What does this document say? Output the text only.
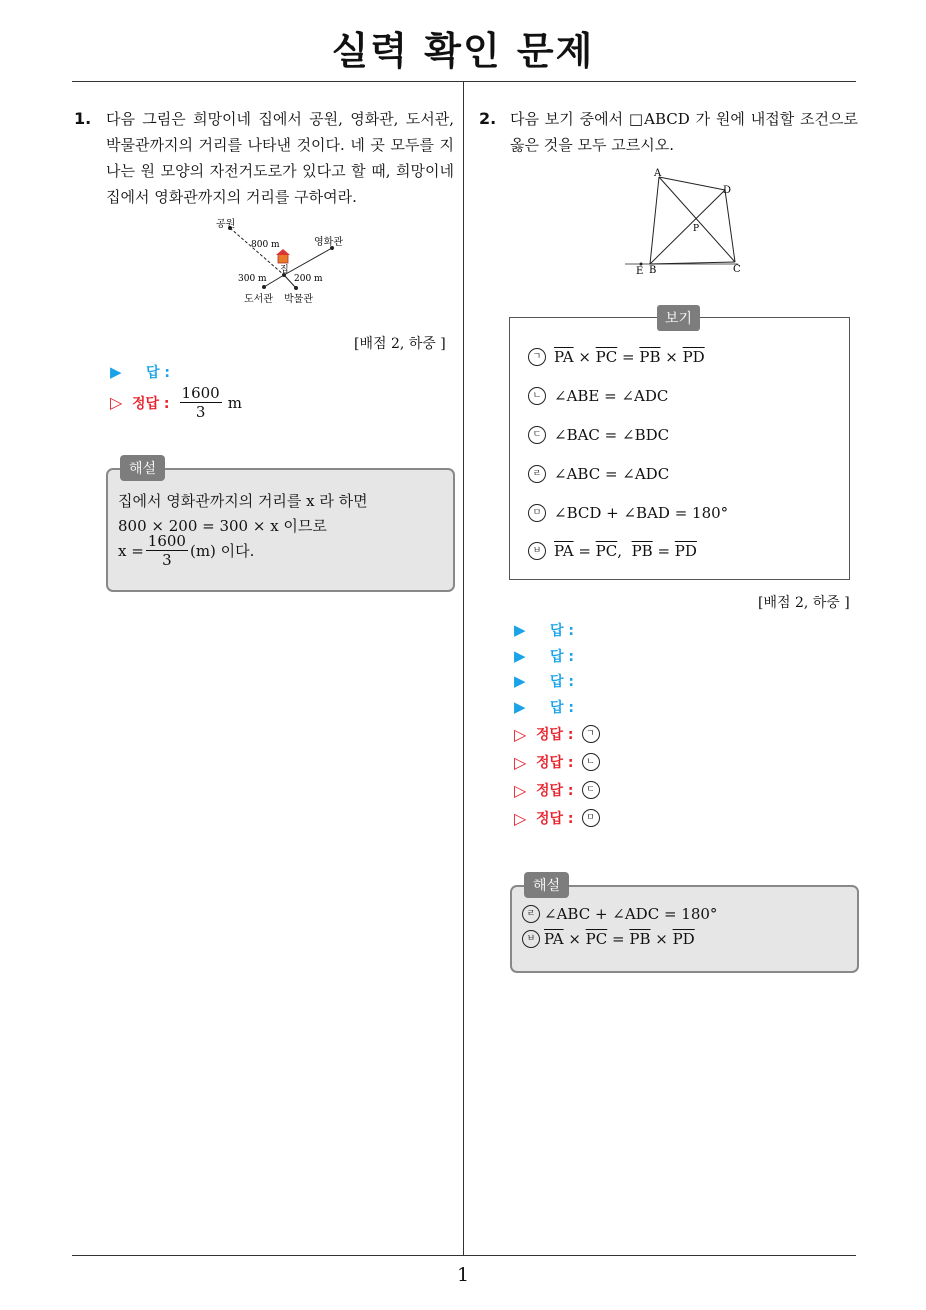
실력 확인 문제
1
1. 다음 그림은 희망이네 집에서 공원, 영화관, 도서관, 박물관까지의 거리를 나타낸 것이다. 네 곳 모두를 지나는 원 모양의 자전거도로가 있다고 할 때, 희망이네 집에서 영화관까지의 거리를 구하여라.
공원
영화관
도서관 박물관
집
800 m
300 m	200 m
[배점 2, 하중 ]
▶	답 :
▷ 정답 : $\frac{1600}{3}$ m
해설
집에서 영화관까지의 거리를 x 라 하면
800 × 200 = 300 × x 이므로
$x = \frac{1600}{3} (m)$ 이다.
2. 다음 보기 중에서 □ABCD 가 원에 내접할 조건으로 옳은 것을 모두 고르시오.
A
D
B	C
E
P
보기
ㄱ $\overline{PA} \times \overline{PC} = \overline{PB} \times \overline{PD}$
ㄴ ∠ABE = ∠ADC
ㄷ ∠BAC = ∠BDC
ㄹ ∠ABC = ∠ADC
ㅁ ∠BCD + ∠BAD = 180°
ㅂ $\overline{PA} = \overline{PC}$ , $\overline{PB} = \overline{PD}$
[배점 2, 하중 ]
▶	답 :
▶	답 :
▶	답 :
▶	답 :
▷ 정답 :	ㄱ
▷ 정답 :	ㄴ
▷ 정답 :	ㄷ
▷ 정답 :	ㅁ
해설
ㄹ ∠ABC + ∠ADC = 180°
ㅂ $\overline{PA} \times \overline{PC} = \overline{PB} \times \overline{PD}$
